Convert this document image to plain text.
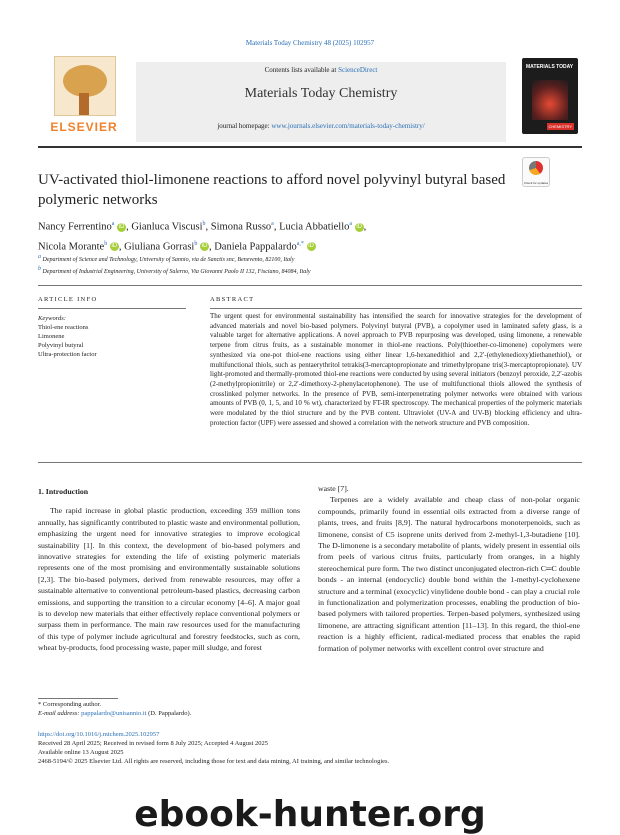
Materials Today Chemistry 48 (2025) 102957
ELSEVIER
Contents lists available at ScienceDirect
Materials Today Chemistry
journal homepage: www.journals.elsevier.com/materials-today-chemistry/
MATERIALS TODAY
CHEMISTRY
UV-activated thiol-limonene reactions to afford novel polyvinyl butyral based polymeric networks
Check for updates
Nancy Ferrentino$^a$ iD , Gianluca Viscusi$^b$, Simona Russo$^a$, Lucia Abbatiello$^a$ iD ,
Nicola Morante$^b$ iD , Giuliana Gorrasi$^b$ iD , Daniela Pappalardo$^{a,*}$ iD
$^a$ Department of Science and Technology, University of Sannio, via de Sanctis snc, Benevento, 82100, Italy
$^b$ Department of Industrial Engineering, University of Salerno, Via Giovanni Paolo II 132, Fisciano, 84084, Italy
ARTICLE INFO	ABSTRACT
Keywords:
Thiol-ene reactions
Limonene
Polyvinyl butyral
Ultra-protection factor
The urgent quest for environmental sustainability has intensified the search for innovative strategies for the development of advanced materials and novel bio-based polymers. Polyvinyl butyral (PVB), a copolymer used in laminated safety glass, is a valuable target for alternative applications. A novel approach to PVB repurposing was developed, using limonene, a renewable terpene from citrus fruits, as a sustainable monomer in thiol-ene reactions. Poly(thioether-co-limonene) copolymers were synthesized via one-pot thiol-ene reactions using either linear 1,6-hexanedithiol and 2,2′-(ethylenedioxy)diethanethiol), or multifunctional thiols, such as pentaerythritol tetrakis(3-mercaptopropionate and trimethylpropane tris(3-mercaptopropionate). UV light-promoted and thermally-promoted thiol-ene reactions were conducted by using several initiators (benzoyl peroxide, 2,2′-azobis (2-methylpropionitrile) or 2,2′-dimethoxy-2-phenylacetophenone). The use of multifunctional thiols allowed the synthesis of crosslinked polymer networks. In the presence of PVB, semi-interpenetrating polymer networks were obtained with various amounts of PVB (0, 1, 5, and 10 % wt), characterized by FT-IR spectroscopy. The mechanical properties of the polymeric materials were modulated by the thiol structure and by the PVB content. Ultraviolet (UV-A and UV-B) blocking efficiency and ultra-protection factor (UPF) were assessed and showed a correlation with the network structure and PVB composition.
1. Introduction

The rapid increase in global plastic production, exceeding 359 million tons annually, has significantly contributed to plastic waste and environmental pollution, emphasizing the urgent need for innovative strategies to improve ecological sustainability [1]. In this context, the development of bio-based polymers and innovative strategies for extending the life of existing polymeric materials represents one of the most promising and environmentally sustainable solutions [2,3]. The bio-based polymers, derived from renewable resources, may offer a sustainable alternative to conventional petroleum-based plastics, decreasing carbon emissions, and supporting the transition to a circular economy [4–6]. A major goal is to develop new materials that either effectively replace conventional polymers or surpass them in performance. The main raw resources used for the manufacturing of this type of polymer include agricultural and forestry feedstocks, such as corn, wheat by-products, food processing waste, paper mill sludge, and forest

waste [7].

Terpenes are a widely available and cheap class of non-polar organic compounds, primarily found in essential oils extracted from a diverse range of plants, trees, and fruits [8,9]. The natural hydrocarbons monoterpenoids, such as limonene, consist of C5 isoprene units derived from 2-methyl-1,3-butadiene [10]. The D-limonene is a secondary metabolite of plants, widely present in essential oils from peels of various citrus fruits, particularly from oranges, in a highly stereochemical pure form. The two distinct unconjugated electron-rich C═C double bonds - an internal (endocyclic) double bond within the 1-methyl-cyclohexene structure and a terminal (exocyclic) vinylidene double bond - can play a crucial role in functionalization and polymerization processes, enabling the production of bio-based polymers with tailored properties. Terpen-based polymers, synthesized using limonene, are attracting significant attention [11–13]. In this regard, the thiol-ene reaction is a highly efficient, radical-mediated process that enables the rapid formation of polymer networks with excellent control over structure and

* Corresponding author.
E-mail address: pappalardo@unisannio.it (D. Pappalardo).
https://doi.org/10.1016/j.mtchem.2025.102957
Received 28 April 2025; Received in revised form 8 July 2025; Accepted 4 August 2025
Available online 13 August 2025
2468-5194/© 2025 Elsevier Ltd. All rights are reserved, including those for text and data mining, AI training, and similar technologies.
ebook-hunter.org
